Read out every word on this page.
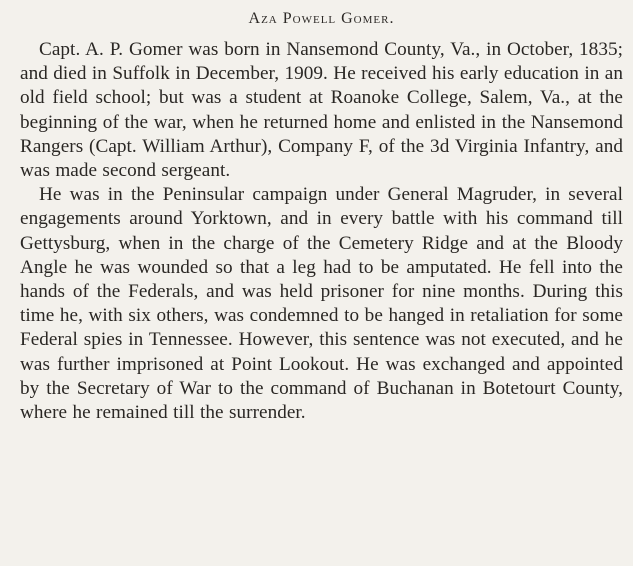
Aza Powell Gomer.

Capt. A. P. Gomer was born in Nansemond County, Va., in October, 1835; and died in Suffolk in December, 1909. He received his early education in an old field school; but was a student at Roanoke College, Salem, Va., at the beginning of the war, when he returned home and enlisted in the Nansemond Rangers (Capt. William Arthur), Company F, of the 3d Virginia Infantry, and was made second sergeant.

He was in the Peninsular campaign under General Magruder, in several engagements around Yorktown, and in every battle with his command till Gettysburg, when in the charge of the Cemetery Ridge and at the Bloody Angle he was wounded so that a leg had to be amputated. He fell into the hands of the Federals, and was held prisoner for nine months. During this time he, with six others, was condemned to be hanged in retaliation for some Federal spies in Tennessee. However, this sentence was not executed, and he was further imprisoned at Point Lookout. He was exchanged and appointed by the Secretary of War to the command of Buchanan in Botetourt County, where he remained till the surrender.
